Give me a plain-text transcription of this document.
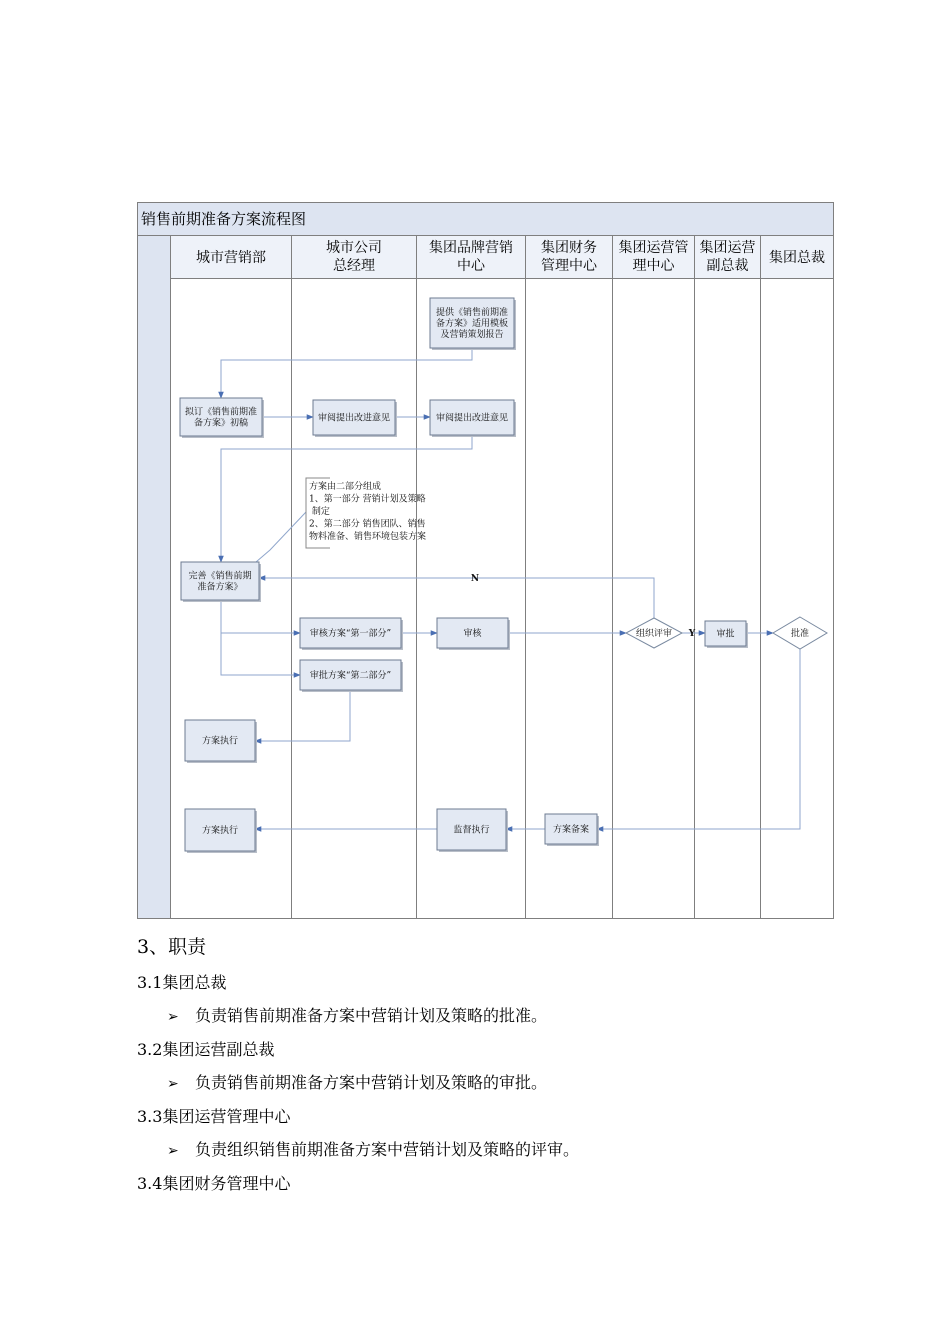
提供《销售前期准备方案》适用模板及营销策划报告
拟订《销售前期准备方案》初稿	审阅提出改进意见	审阅提出改进意见
方案由二部分组成 1、第一部分 营销计划及策略 制定 2、第二部分 销售团队、销售物料准备、销售环境包装方案
完善《销售前期准备方案》
审核方案“第一部分”	审核	组织评审	审批	批准
审批方案“第二部分”
方案执行
方案执行	监督执行	方案备案
销售前期准备方案流程图
城市营销部
城市公司总经理
集团品牌营销中心
集团财务管理中心
集团运营管理中心
集团运营副总裁	集团总裁
N
Y
3、职责
3.1集团总裁
➢ 负责销售前期准备方案中营销计划及策略的批准。
3.2集团运营副总裁
➢ 负责销售前期准备方案中营销计划及策略的审批。
3.3集团运营管理中心
➢ 负责组织销售前期准备方案中营销计划及策略的评审。
3.4集团财务管理中心
